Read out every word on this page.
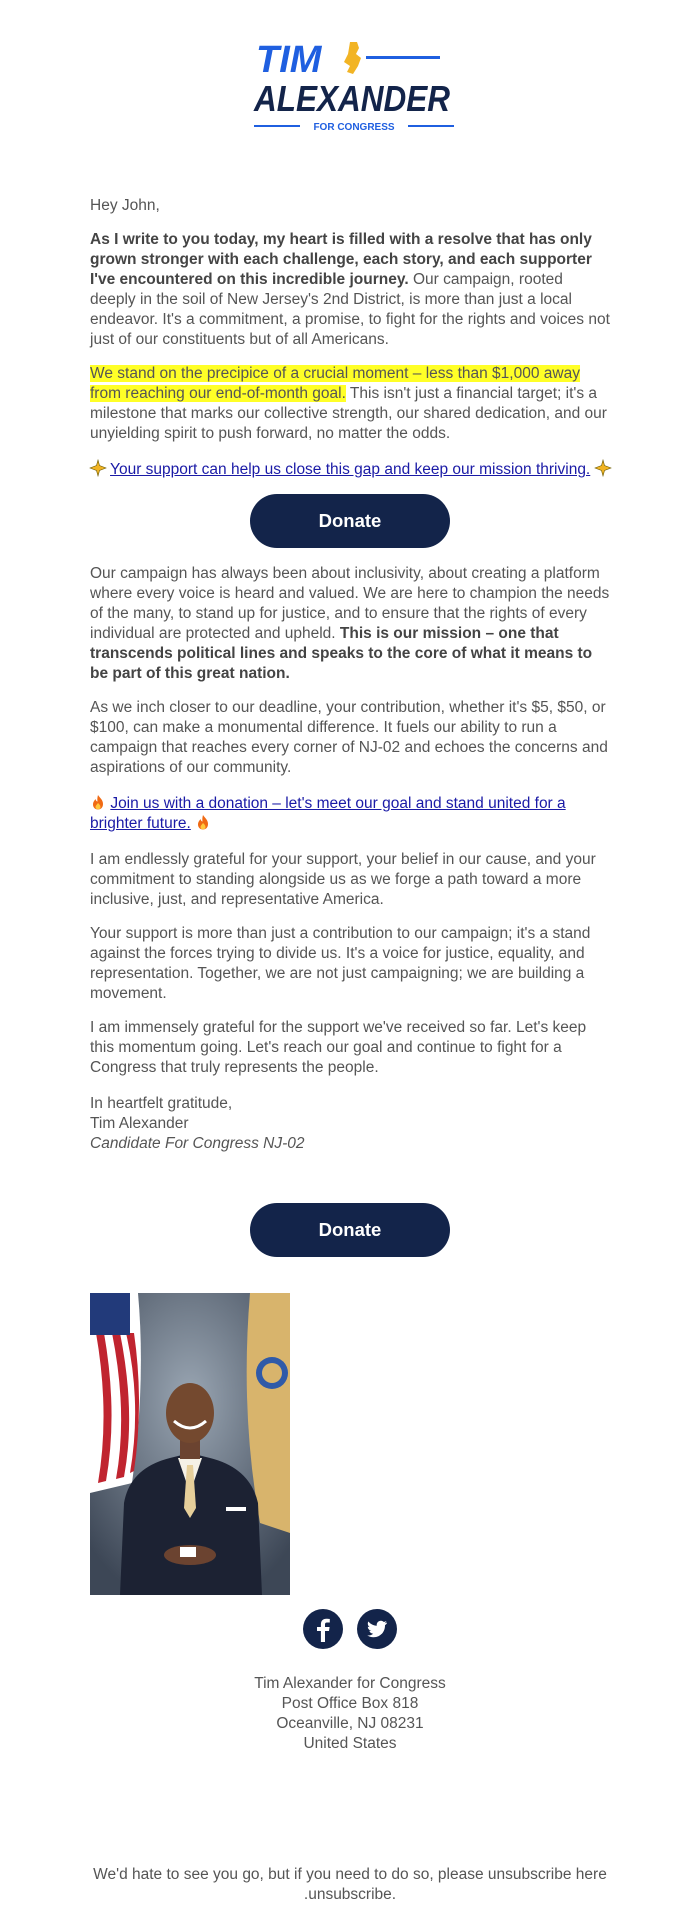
TIM
ALEXANDER
FOR CONGRESS

Hey John,

As I write to you today, my heart is filled with a resolve that has only grown stronger with each challenge, each story, and each supporter I've encountered on this incredible journey. Our campaign, rooted deeply in the soil of New Jersey's 2nd District, is more than just a local endeavor. It's a commitment, a promise, to fight for the rights and voices not just of our constituents but of all Americans.

We stand on the precipice of a crucial moment – less than $1,000 away from reaching our end-of-month goal. This isn't just a financial target; it's a milestone that marks our collective strength, our shared dedication, and our unyielding spirit to push forward, no matter the odds.

Your support can help us close this gap and keep our mission thriving.

Donate

Our campaign has always been about inclusivity, about creating a platform where every voice is heard and valued. We are here to champion the needs of the many, to stand up for justice, and to ensure that the rights of every individual are protected and upheld. This is our mission – one that transcends political lines and speaks to the core of what it means to be part of this great nation.

As we inch closer to our deadline, your contribution, whether it's $5, $50, or $100, can make a monumental difference. It fuels our ability to run a campaign that reaches every corner of NJ-02 and echoes the concerns and aspirations of our community.

Join us with a donation – let's meet our goal and stand united for a brighter future.

I am endlessly grateful for your support, your belief in our cause, and your commitment to standing alongside us as we forge a path toward a more inclusive, just, and representative America.

Your support is more than just a contribution to our campaign; it's a stand against the forces trying to divide us. It's a voice for justice, equality, and representation. Together, we are not just campaigning; we are building a movement.

I am immensely grateful for the support we've received so far. Let's keep this momentum going. Let's reach our goal and continue to fight for a Congress that truly represents the people.

In heartfelt gratitude,
Tim Alexander
Candidate For Congress NJ-02
Donate
Tim Alexander for Congress
Post Office Box 818
Oceanville, NJ 08231
United States
We'd hate to see you go, but if you need to do so, please unsubscribe here
.unsubscribe.
